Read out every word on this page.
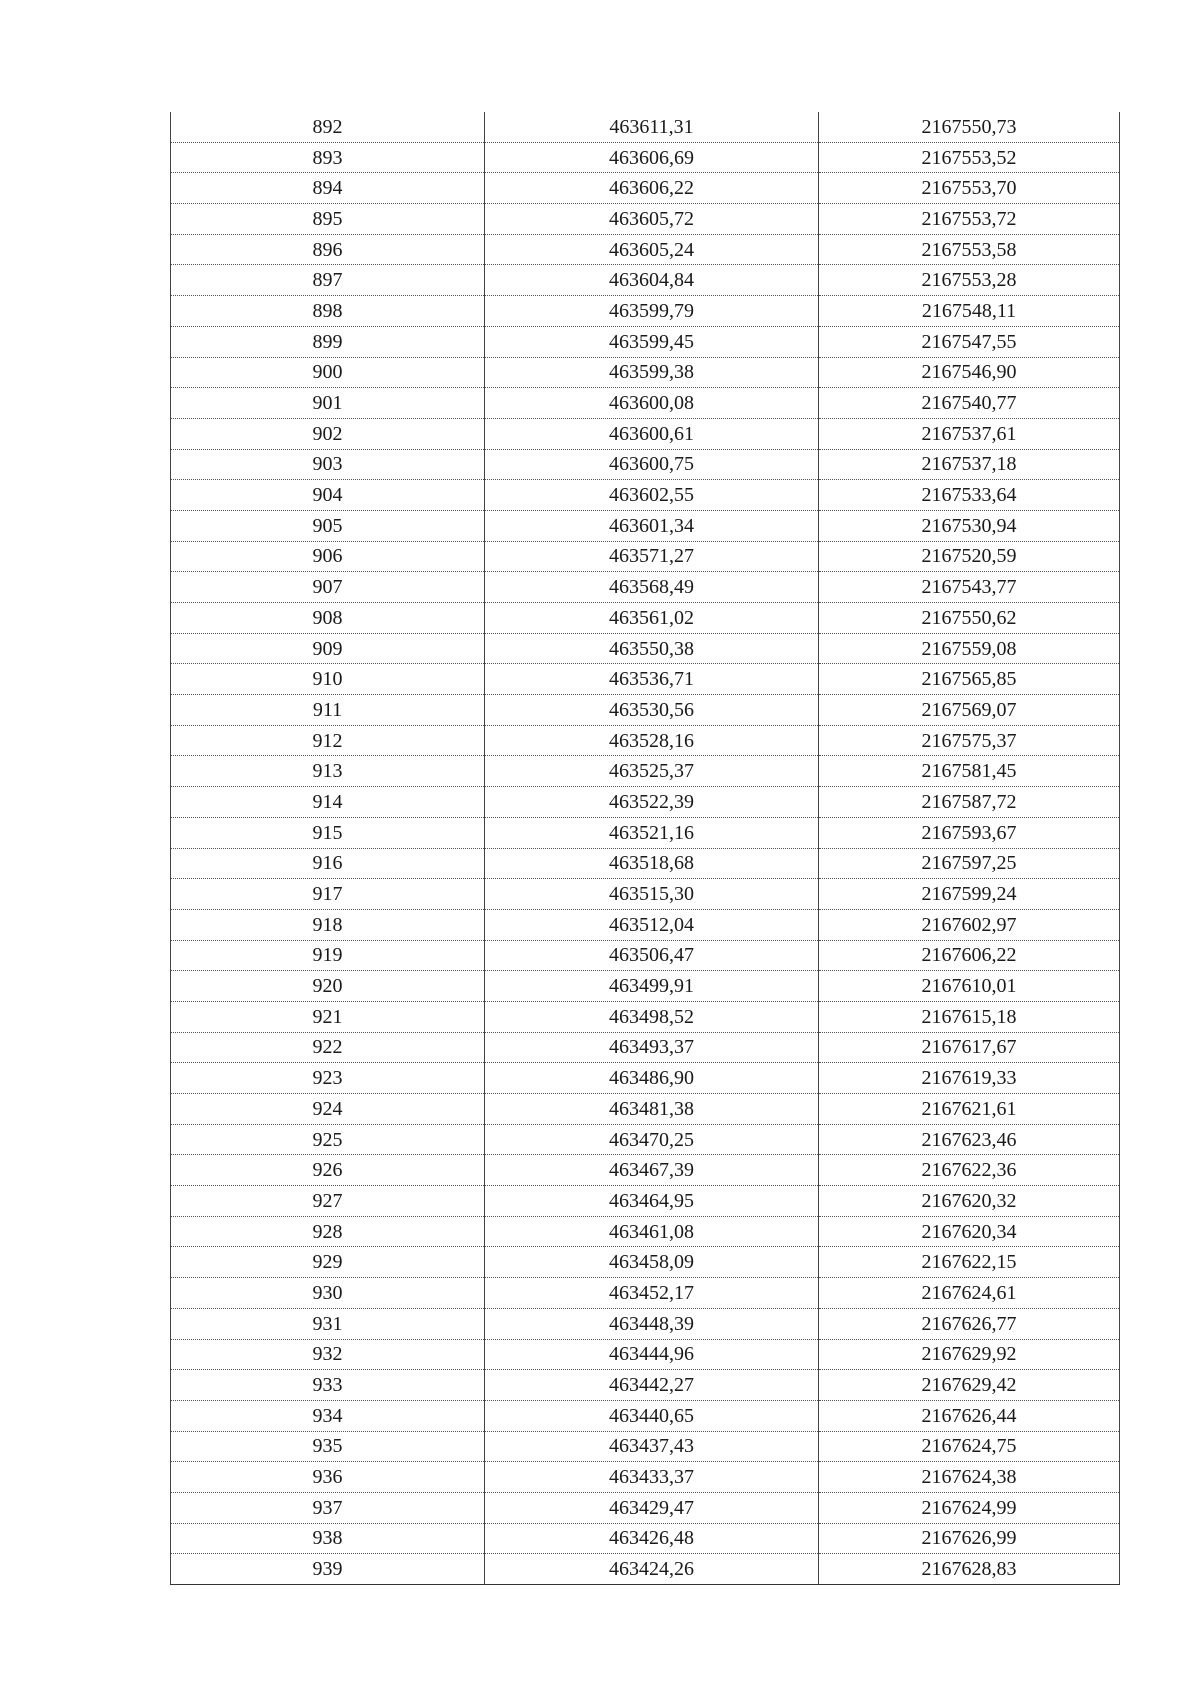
892	463611,31	2167550,73
893	463606,69	2167553,52
894	463606,22	2167553,70
895	463605,72	2167553,72
896	463605,24	2167553,58
897	463604,84	2167553,28
898	463599,79	2167548,11
899	463599,45	2167547,55
900	463599,38	2167546,90
901	463600,08	2167540,77
902	463600,61	2167537,61
903	463600,75	2167537,18
904	463602,55	2167533,64
905	463601,34	2167530,94
906	463571,27	2167520,59
907	463568,49	2167543,77
908	463561,02	2167550,62
909	463550,38	2167559,08
910	463536,71	2167565,85
911	463530,56	2167569,07
912	463528,16	2167575,37
913	463525,37	2167581,45
914	463522,39	2167587,72
915	463521,16	2167593,67
916	463518,68	2167597,25
917	463515,30	2167599,24
918	463512,04	2167602,97
919	463506,47	2167606,22
920	463499,91	2167610,01
921	463498,52	2167615,18
922	463493,37	2167617,67
923	463486,90	2167619,33
924	463481,38	2167621,61
925	463470,25	2167623,46
926	463467,39	2167622,36
927	463464,95	2167620,32
928	463461,08	2167620,34
929	463458,09	2167622,15
930	463452,17	2167624,61
931	463448,39	2167626,77
932	463444,96	2167629,92
933	463442,27	2167629,42
934	463440,65	2167626,44
935	463437,43	2167624,75
936	463433,37	2167624,38
937	463429,47	2167624,99
938	463426,48	2167626,99
939	463424,26	2167628,83
